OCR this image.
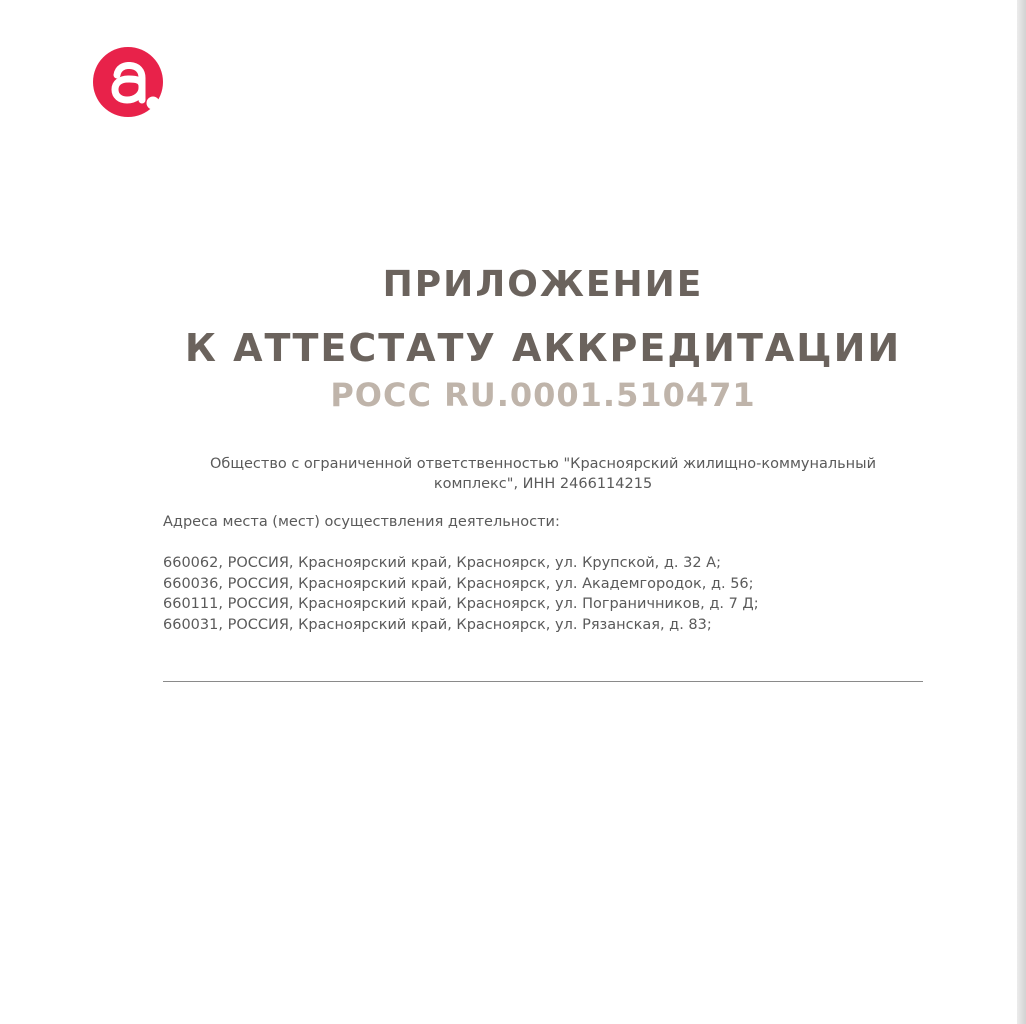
ПРИЛОЖЕНИЕ
К АТТЕСТАТУ АККРЕДИТАЦИИ
РОСС RU.0001.510471
Общество с ограниченной ответственностью "Красноярский жилищно-коммунальный комплекс", ИНН 2466114215
Адреса места (мест) осуществления деятельности:
660062, РОССИЯ, Красноярский край, Красноярск, ул. Крупской, д. 32 А;
660036, РОССИЯ, Красноярский край, Красноярск, ул. Академгородок, д. 56;
660111, РОССИЯ, Красноярский край, Красноярск, ул. Пограничников, д. 7 Д;
660031, РОССИЯ, Красноярский край, Красноярск, ул. Рязанская, д. 83;
